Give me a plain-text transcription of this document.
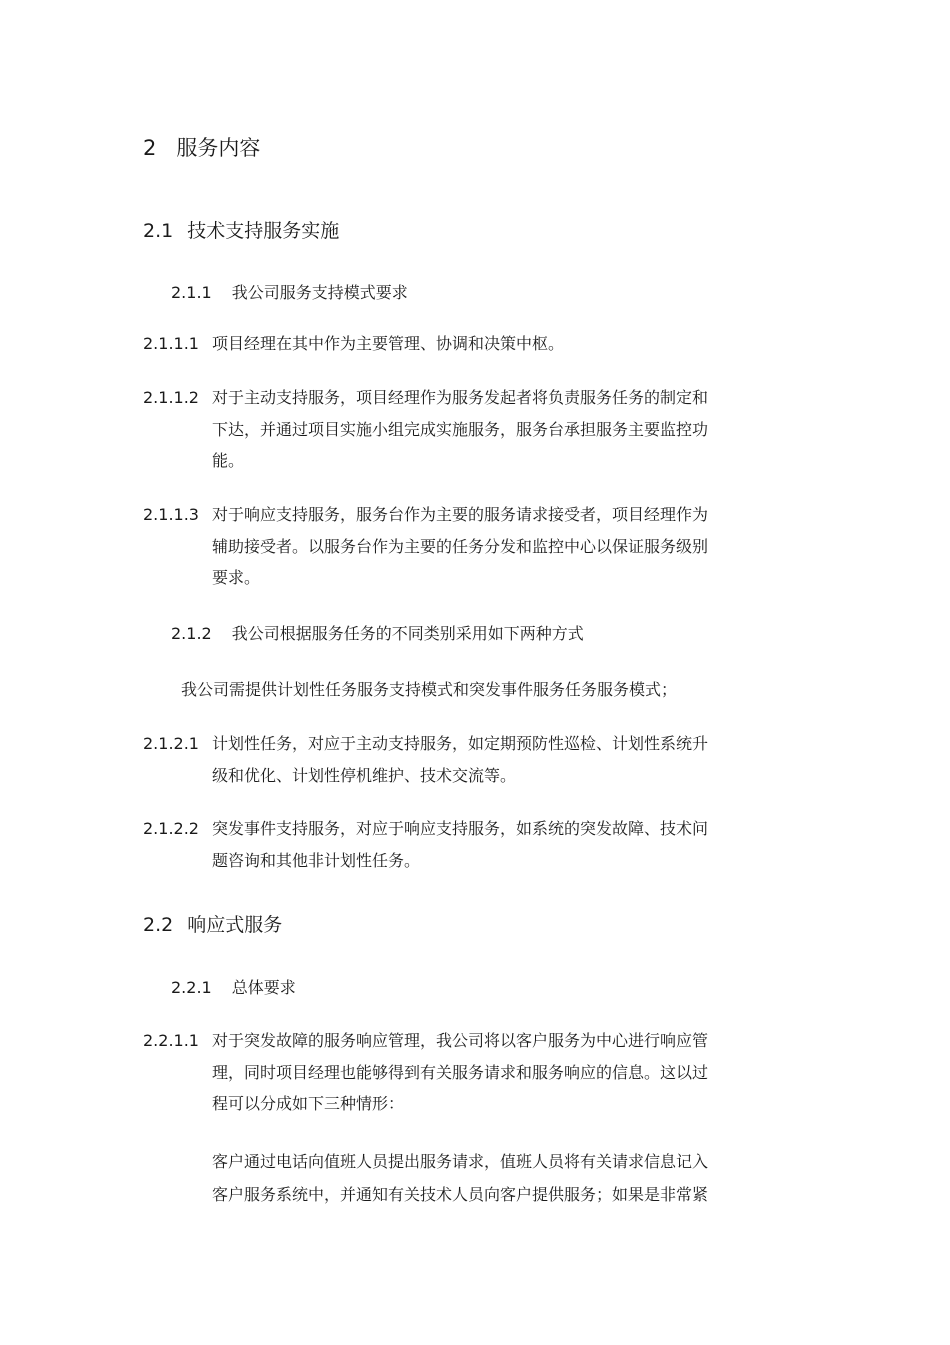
2 服务内容
2.1 技术支持服务实施
2.1.1 我公司服务支持模式要求
2.1.1.1 项目经理在其中作为主要管理、协调和决策中枢。
2.1.1.2 对于主动支持服务，项目经理作为服务发起者将负责服务任务的制定和
下达，并通过项目实施小组完成实施服务，服务台承担服务主要监控功
能。
2.1.1.3 对于响应支持服务，服务台作为主要的服务请求接受者，项目经理作为
辅助接受者。以服务台作为主要的任务分发和监控中心以保证服务级别
要求。
2.1.2 我公司根据服务任务的不同类别采用如下两种方式
我公司需提供计划性任务服务支持模式和突发事件服务任务服务模式；
2.1.2.1 计划性任务，对应于主动支持服务，如定期预防性巡检、计划性系统升
级和优化、计划性停机维护、技术交流等。
2.1.2.2 突发事件支持服务，对应于响应支持服务，如系统的突发故障、技术问
题咨询和其他非计划性任务。
2.2 响应式服务
2.2.1 总体要求
2.2.1.1 对于突发故障的服务响应管理，我公司将以客户服务为中心进行响应管
理，同时项目经理也能够得到有关服务请求和服务响应的信息。这以过
程可以分成如下三种情形：
客户通过电话向值班人员提出服务请求，值班人员将有关请求信息记入
客户服务系统中，并通知有关技术人员向客户提供服务；如果是非常紧
